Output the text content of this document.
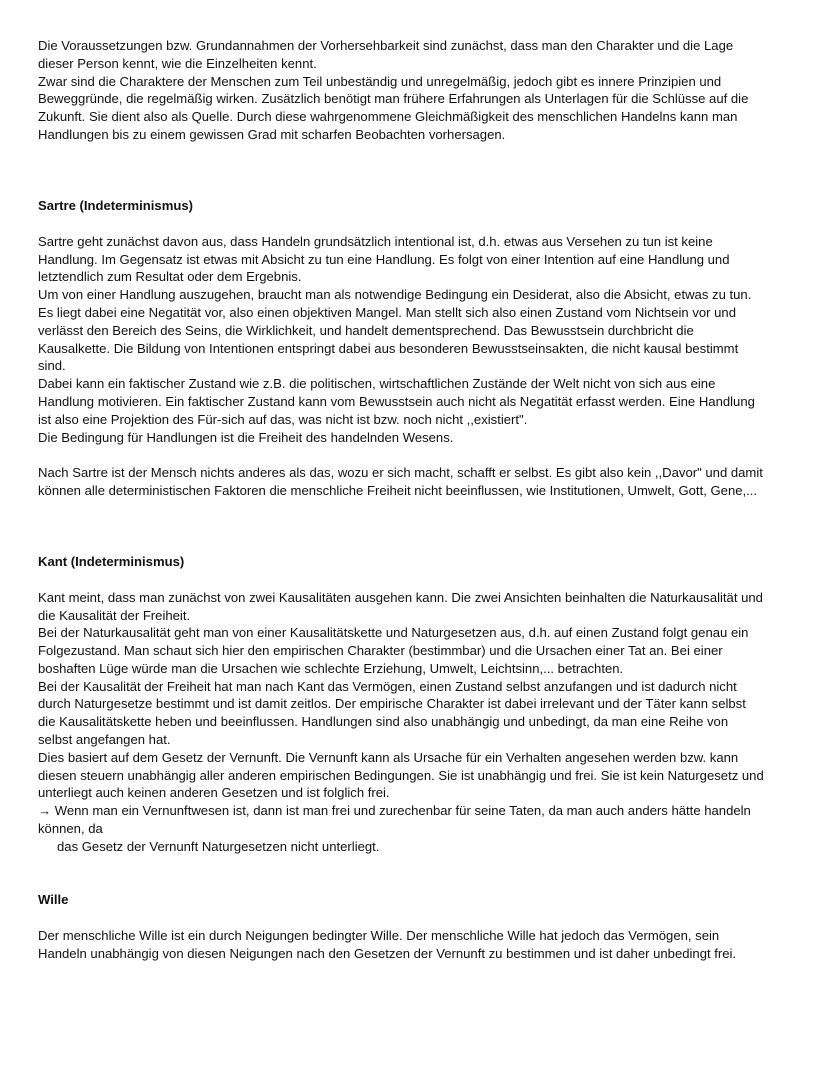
Die Voraussetzungen bzw. Grundannahmen der Vorhersehbarkeit sind zunächst, dass man den Charakter und die Lage
dieser Person kennt, wie die Einzelheiten kennt.
Zwar sind die Charaktere der Menschen zum Teil unbeständig und unregelmäßig, jedoch gibt es innere Prinzipien und
Beweggründe, die regelmäßig wirken. Zusätzlich benötigt man frühere Erfahrungen als Unterlagen für die Schlüsse auf die
Zukunft. Sie dient also als Quelle. Durch diese wahrgenommene Gleichmäßigkeit des menschlichen Handelns kann man
Handlungen bis zu einem gewissen Grad mit scharfen Beobachten vorhersagen.
Sartre (Indeterminismus)
Sartre geht zunächst davon aus, dass Handeln grundsätzlich intentional ist, d.h. etwas aus Versehen zu tun ist keine
Handlung. Im Gegensatz ist etwas mit Absicht zu tun eine Handlung. Es folgt von einer Intention auf eine Handlung und
letztendlich zum Resultat oder dem Ergebnis.
Um von einer Handlung auszugehen, braucht man als notwendige Bedingung ein Desiderat, also die Absicht, etwas zu tun.
Es liegt dabei eine Negatität vor, also einen objektiven Mangel. Man stellt sich also einen Zustand vom Nichtsein vor und
verlässt den Bereich des Seins, die Wirklichkeit, und handelt dementsprechend. Das Bewusstsein durchbricht die
Kausalkette. Die Bildung von Intentionen entspringt dabei aus besonderen Bewusstseinsakten, die nicht kausal bestimmt
sind.
Dabei kann ein faktischer Zustand wie z.B. die politischen, wirtschaftlichen Zustände der Welt nicht von sich aus eine
Handlung motivieren. Ein faktischer Zustand kann vom Bewusstsein auch nicht als Negatität erfasst werden. Eine Handlung
ist also eine Projektion des Für-sich auf das, was nicht ist bzw. noch nicht ,,existiert".
Die Bedingung für Handlungen ist die Freiheit des handelnden Wesens.
Nach Sartre ist der Mensch nichts anderes als das, wozu er sich macht, schafft er selbst. Es gibt also kein ,,Davor" und damit
können alle deterministischen Faktoren die menschliche Freiheit nicht beeinflussen, wie Institutionen, Umwelt, Gott, Gene,...
Kant (Indeterminismus)
Kant meint, dass man zunächst von zwei Kausalitäten ausgehen kann. Die zwei Ansichten beinhalten die Naturkausalität und
die Kausalität der Freiheit.
Bei der Naturkausalität geht man von einer Kausalitätskette und Naturgesetzen aus, d.h. auf einen Zustand folgt genau ein
Folgezustand. Man schaut sich hier den empirischen Charakter (bestimmbar) und die Ursachen einer Tat an. Bei einer
boshaften Lüge würde man die Ursachen wie schlechte Erziehung, Umwelt, Leichtsinn,... betrachten.
Bei der Kausalität der Freiheit hat man nach Kant das Vermögen, einen Zustand selbst anzufangen und ist dadurch nicht
durch Naturgesetze bestimmt und ist damit zeitlos. Der empirische Charakter ist dabei irrelevant und der Täter kann selbst
die Kausalitätskette heben und beeinflussen. Handlungen sind also unabhängig und unbedingt, da man eine Reihe von
selbst angefangen hat.
Dies basiert auf dem Gesetz der Vernunft. Die Vernunft kann als Ursache für ein Verhalten angesehen werden bzw. kann
diesen steuern unabhängig aller anderen empirischen Bedingungen. Sie ist unabhängig und frei. Sie ist kein Naturgesetz und
unterliegt auch keinen anderen Gesetzen und ist folglich frei.
→ Wenn man ein Vernunftwesen ist, dann ist man frei und zurechenbar für seine Taten, da man auch anders hätte handeln
können, da
das Gesetz der Vernunft Naturgesetzen nicht unterliegt.
Wille
Der menschliche Wille ist ein durch Neigungen bedingter Wille. Der menschliche Wille hat jedoch das Vermögen, sein
Handeln unabhängig von diesen Neigungen nach den Gesetzen der Vernunft zu bestimmen und ist daher unbedingt frei.
